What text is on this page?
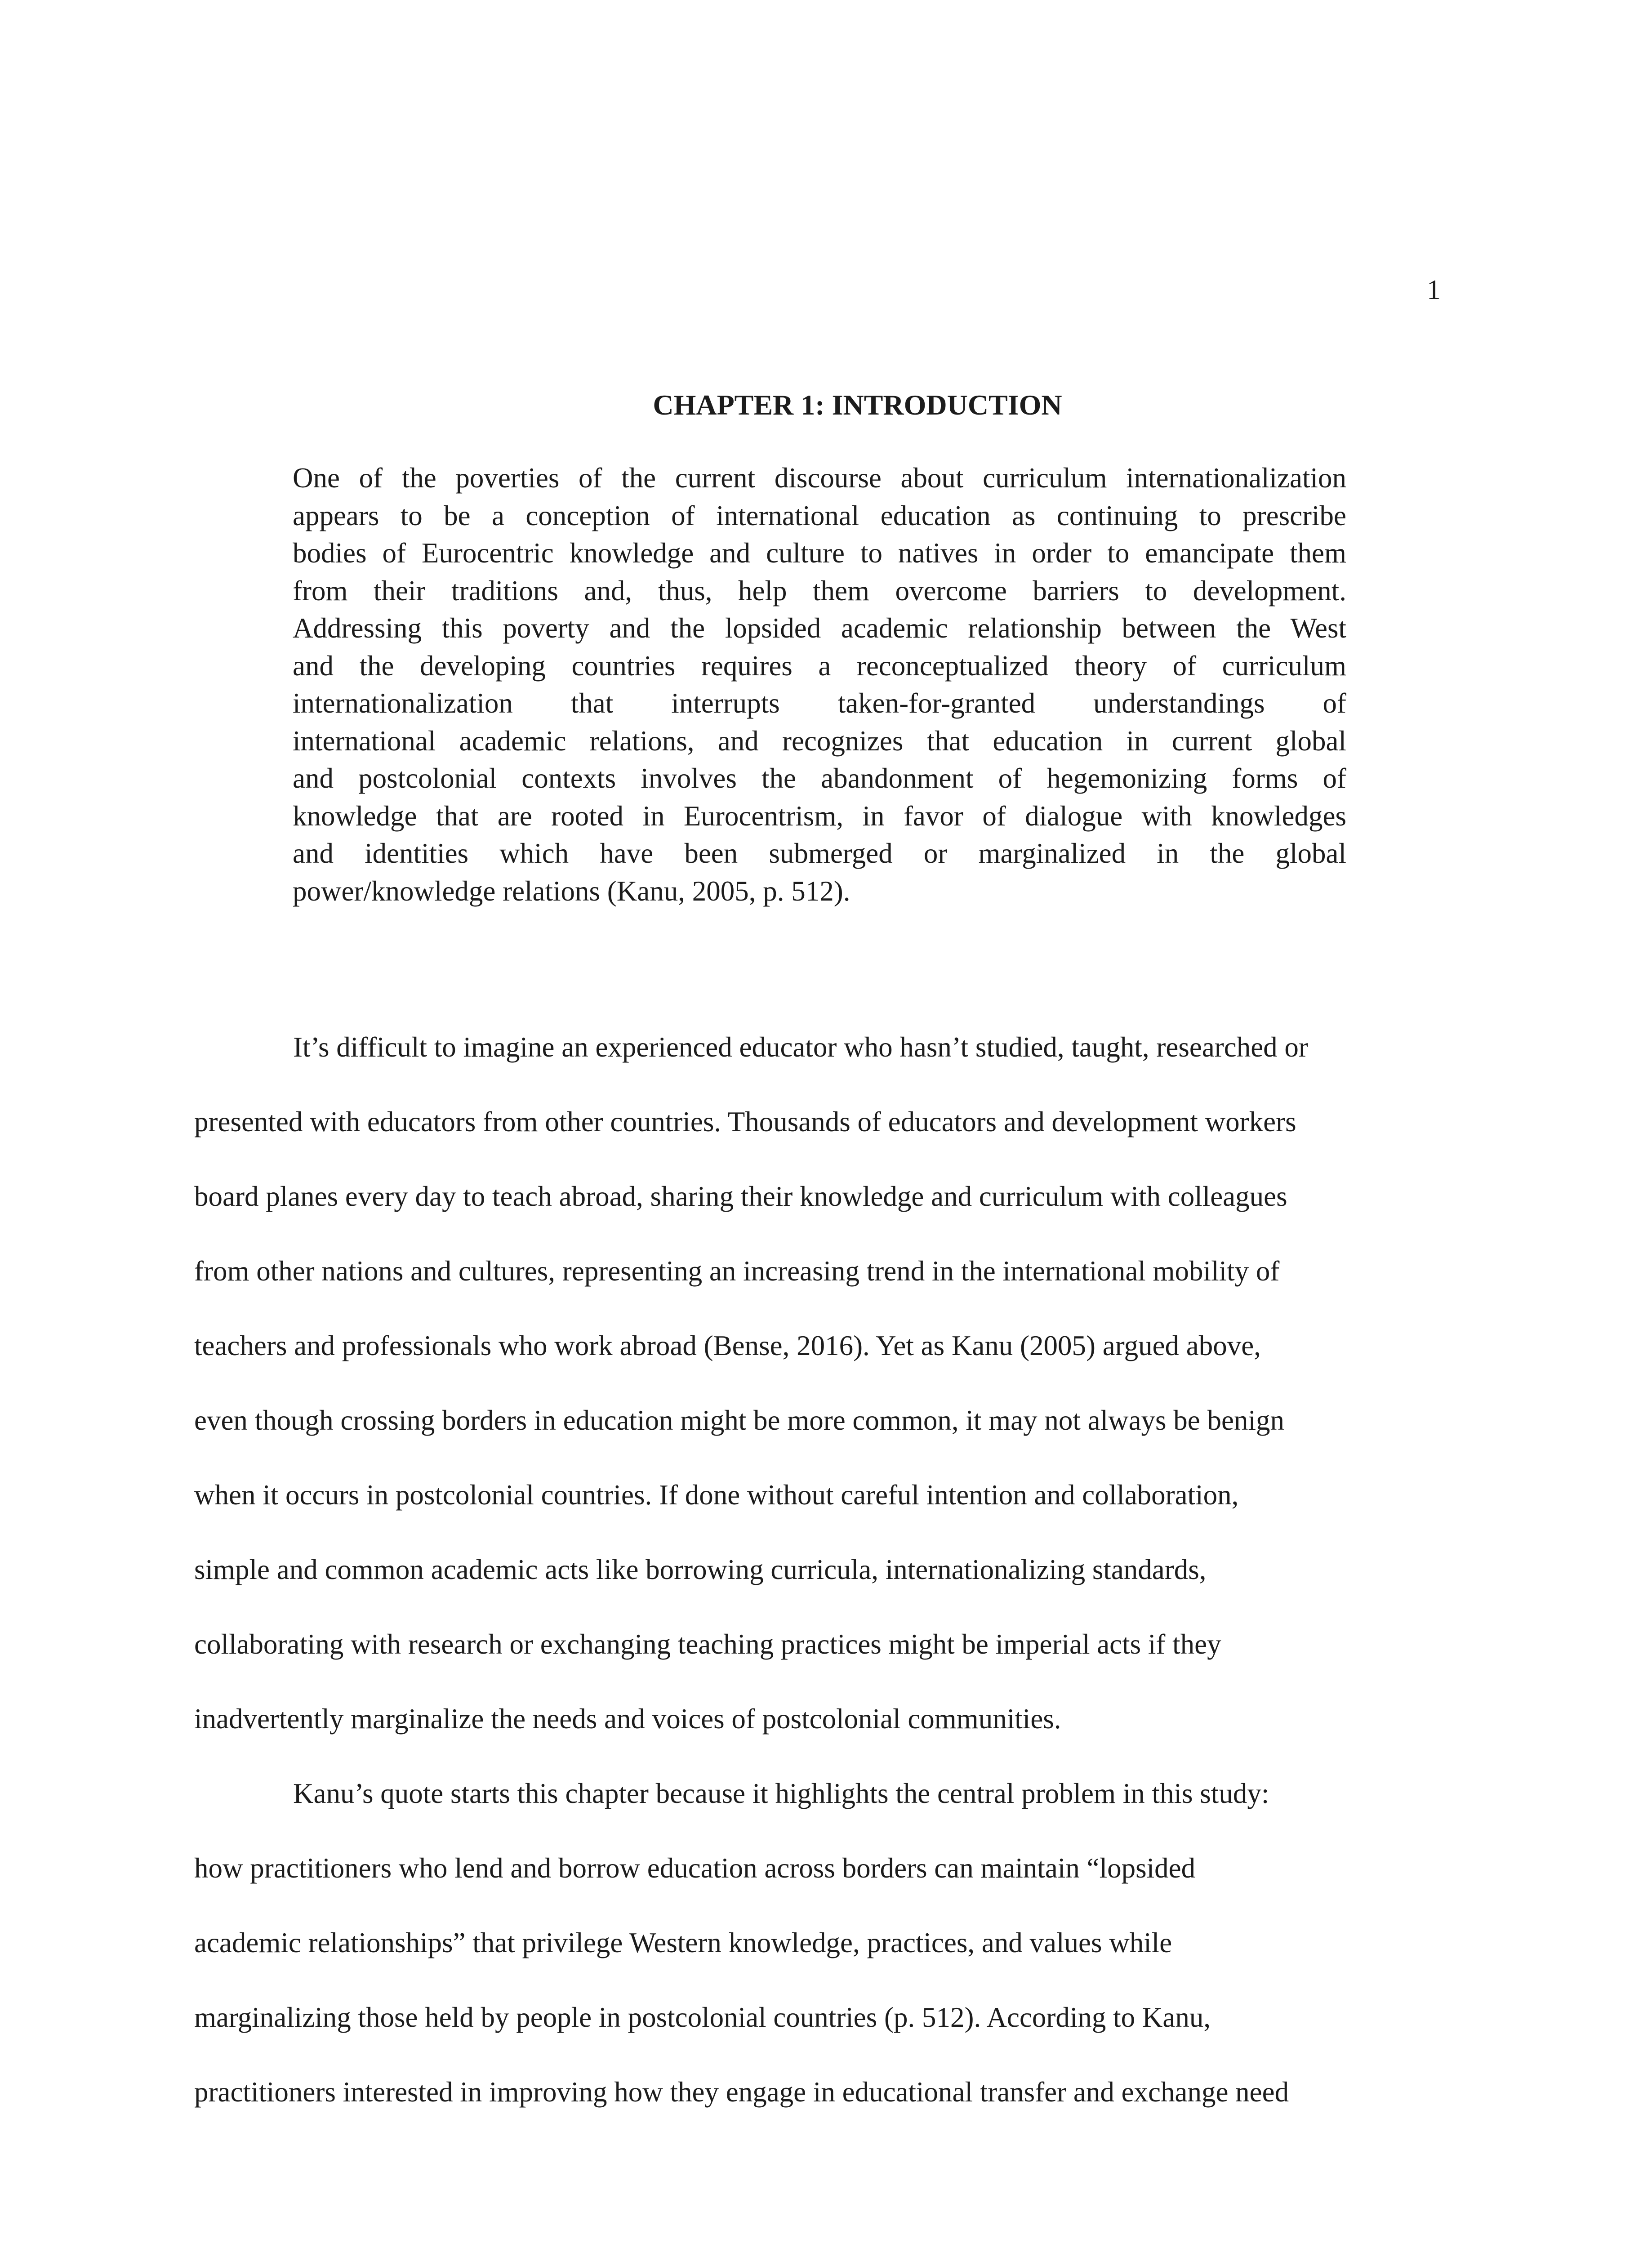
1
CHAPTER 1: INTRODUCTION
One of the poverties of the current discourse about curriculum internationalization
appears to be a conception of international education as continuing to prescribe
bodies of Eurocentric knowledge and culture to natives in order to emancipate them
from their traditions and, thus, help them overcome barriers to development.
Addressing this poverty and the lopsided academic relationship between the West
and the developing countries requires a reconceptualized theory of curriculum
internationalization that interrupts taken-for-granted understandings of
international academic relations, and recognizes that education in current global
and postcolonial contexts involves the abandonment of hegemonizing forms of
knowledge that are rooted in Eurocentrism, in favor of dialogue with knowledges
and identities which have been submerged or marginalized in the global
power/knowledge relations (Kanu, 2005, p. 512).

It’s difficult to imagine an experienced educator who hasn’t studied, taught, researched or
presented with educators from other countries. Thousands of educators and development workers
board planes every day to teach abroad, sharing their knowledge and curriculum with colleagues
from other nations and cultures, representing an increasing trend in the international mobility of
teachers and professionals who work abroad (Bense, 2016). Yet as Kanu (2005) argued above,
even though crossing borders in education might be more common, it may not always be benign
when it occurs in postcolonial countries. If done without careful intention and collaboration,
simple and common academic acts like borrowing curricula, internationalizing standards,
collaborating with research or exchanging teaching practices might be imperial acts if they
inadvertently marginalize the needs and voices of postcolonial communities.

Kanu’s quote starts this chapter because it highlights the central problem in this study:
how practitioners who lend and borrow education across borders can maintain “lopsided
academic relationships” that privilege Western knowledge, practices, and values while
marginalizing those held by people in postcolonial countries (p. 512). According to Kanu,
practitioners interested in improving how they engage in educational transfer and exchange need
